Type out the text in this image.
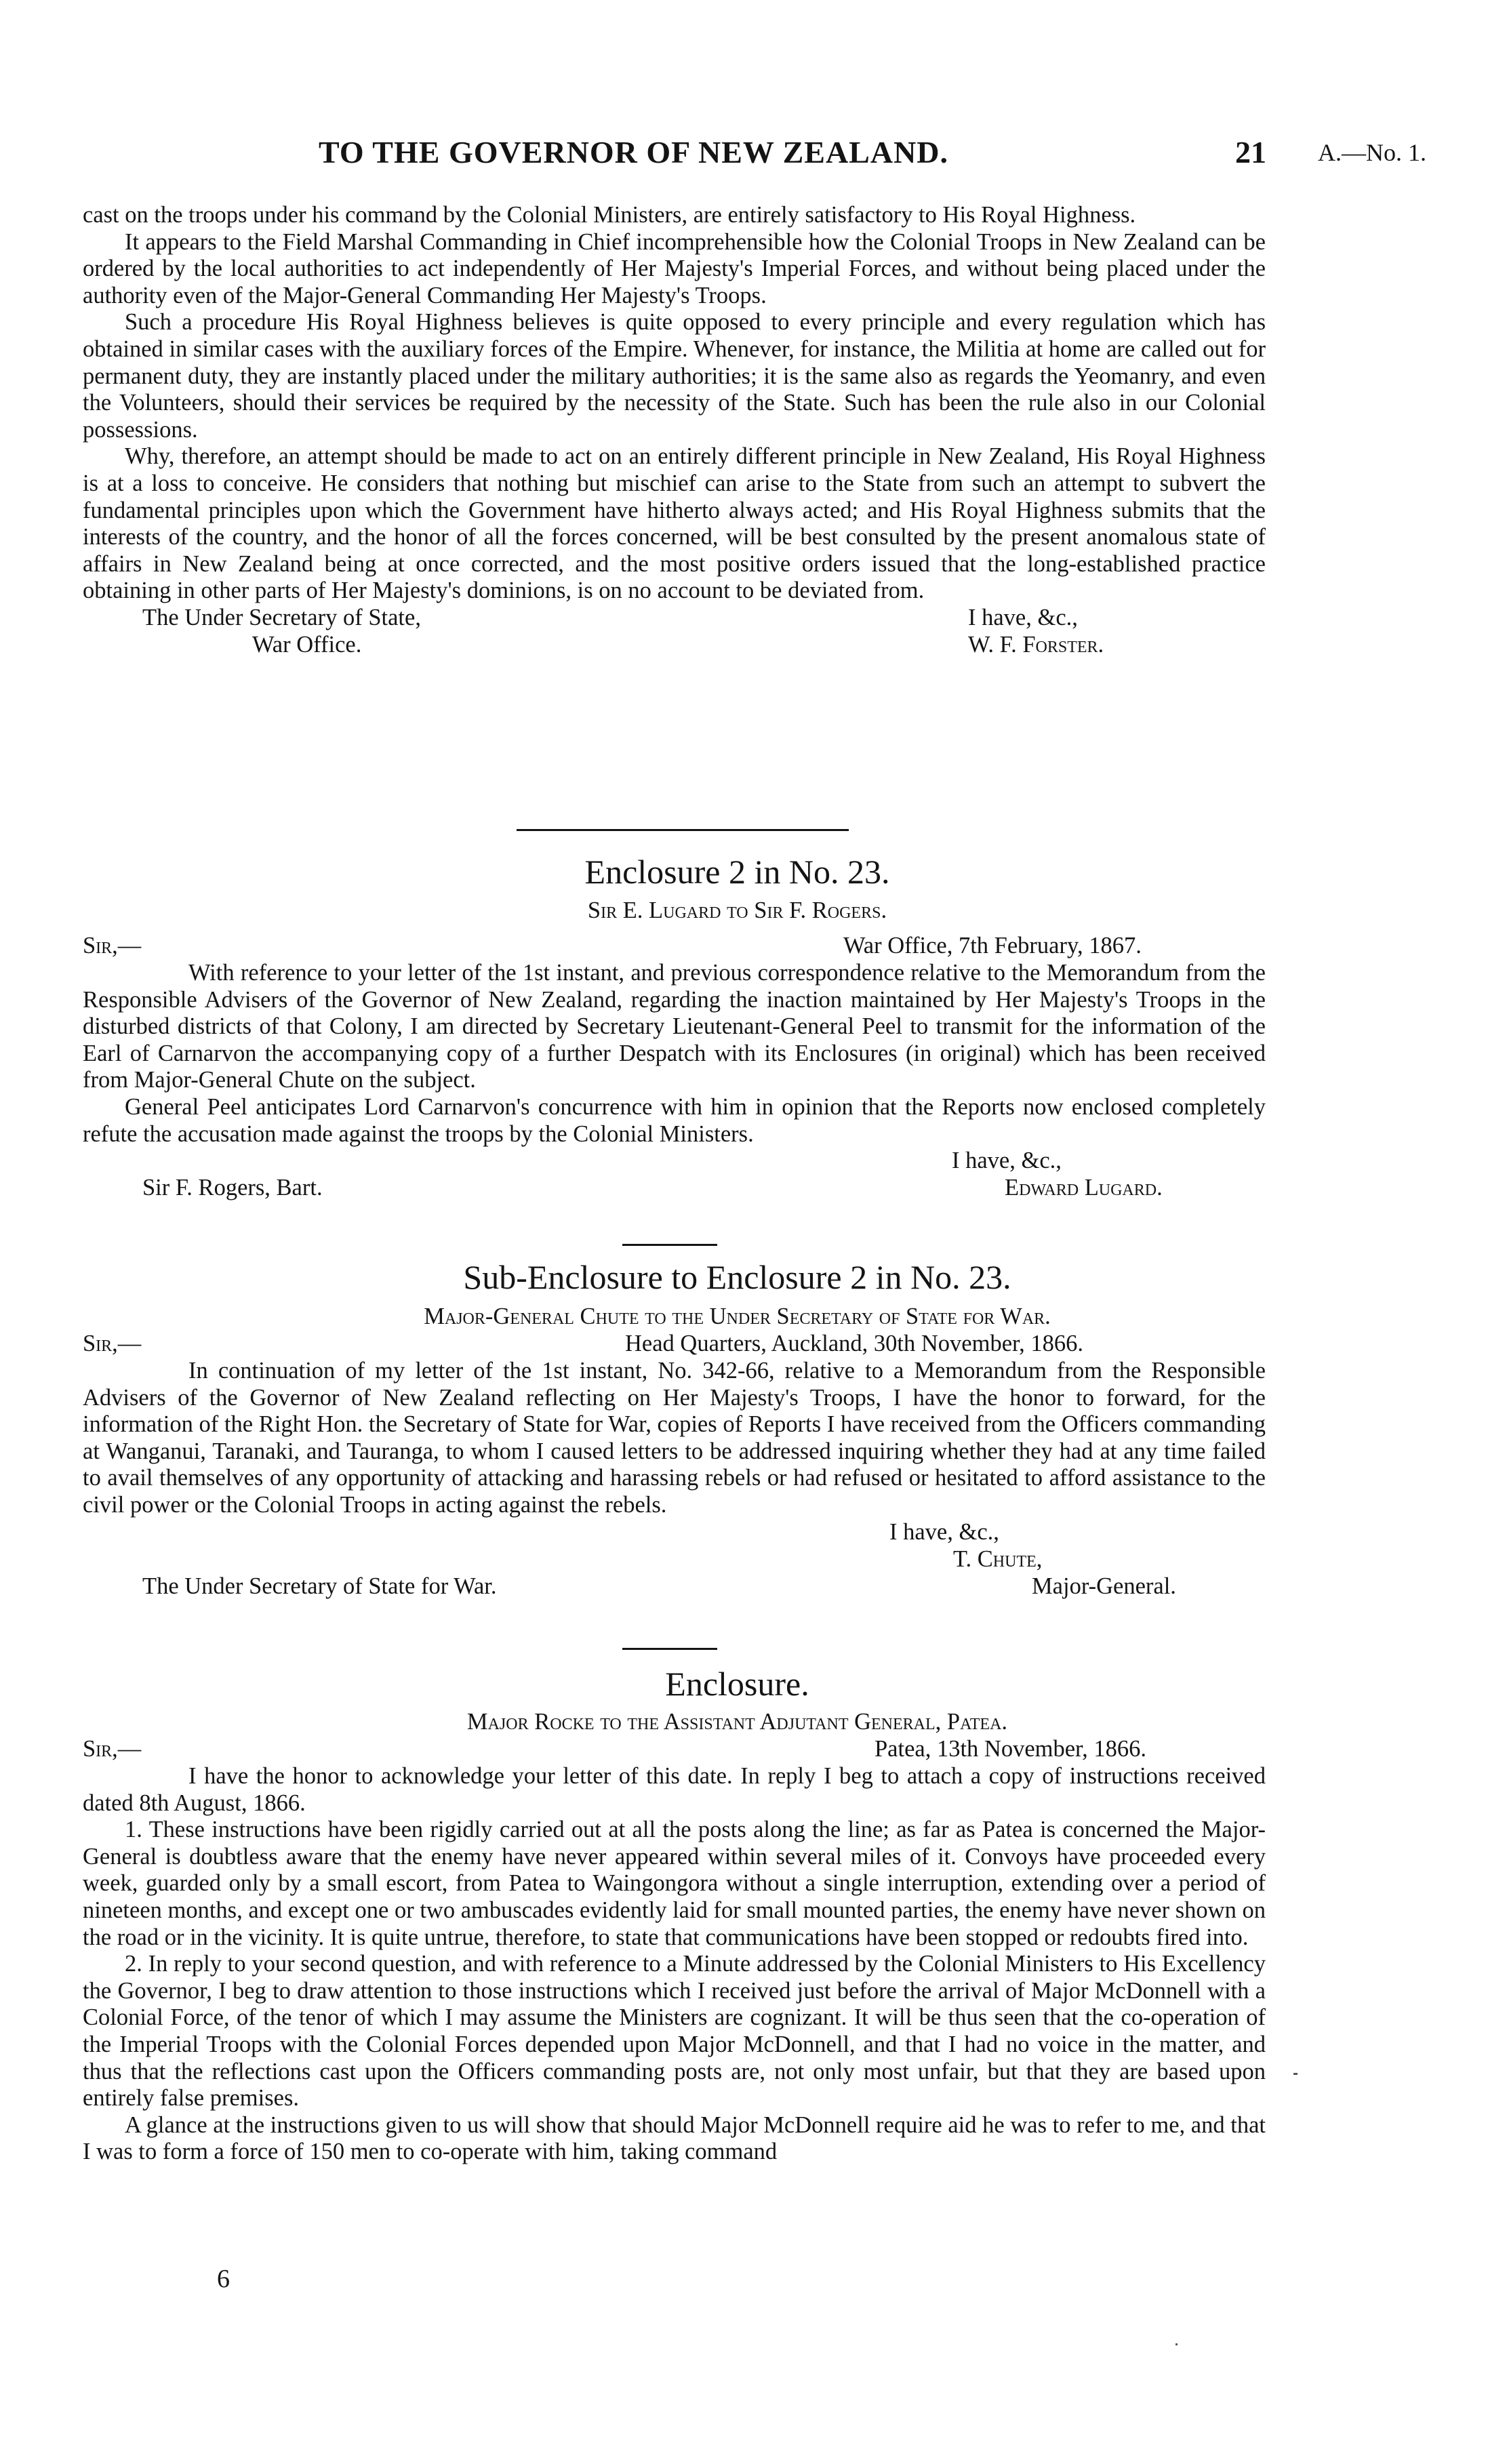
TO THE GOVERNOR OF NEW ZEALAND.	21 A.—No. 1.

cast on the troops under his command by the Colonial Ministers, are entirely satisfactory to His Royal Highness.

It appears to the Field Marshal Commanding in Chief incomprehensible how the Colonial Troops in New Zealand can be ordered by the local authorities to act independently of Her Majesty's Imperial Forces, and without being placed under the authority even of the Major-General Commanding Her Majesty's Troops.

Such a procedure His Royal Highness believes is quite opposed to every principle and every regulation which has obtained in similar cases with the auxiliary forces of the Empire. Whenever, for instance, the Militia at home are called out for permanent duty, they are instantly placed under the military authorities; it is the same also as regards the Yeomanry, and even the Volunteers, should their services be required by the necessity of the State. Such has been the rule also in our Colonial possessions.

Why, therefore, an attempt should be made to act on an entirely different principle in New Zealand, His Royal Highness is at a loss to conceive. He considers that nothing but mischief can arise to the State from such an attempt to subvert the fundamental principles upon which the Government have hitherto always acted; and His Royal Highness submits that the interests of the country, and the honor of all the forces concerned, will be best consulted by the present anomalous state of affairs in New Zealand being at once corrected, and the most positive orders issued that the long-established practice obtaining in other parts of Her Majesty's dominions, is on no account to be deviated from.

The Under Secretary of State,	I have, &c.,
War Office.	W. F. Forster.
Enclosure 2 in No. 23.
Sir E. Lugard to Sir F. Rogers.
Sir,—	War Office, 7th February, 1867.

With reference to your letter of the 1st instant, and previous correspondence relative to the Memorandum from the Responsible Advisers of the Governor of New Zealand, regarding the inaction maintained by Her Majesty's Troops in the disturbed districts of that Colony, I am directed by Secretary Lieutenant-General Peel to transmit for the information of the Earl of Carnarvon the accompanying copy of a further Despatch with its Enclosures (in original) which has been received from Major-General Chute on the subject.

General Peel anticipates Lord Carnarvon's concurrence with him in opinion that the Reports now enclosed completely refute the accusation made against the troops by the Colonial Ministers.

I have, &c.,
Sir F. Rogers, Bart.	Edward Lugard.
Sub-Enclosure to Enclosure 2 in No. 23.
Major-General Chute to the Under Secretary of State for War.
Sir,—	Head Quarters, Auckland, 30th November, 1866.

In continuation of my letter of the 1st instant, No. 342-66, relative to a Memorandum from the Responsible Advisers of the Governor of New Zealand reflecting on Her Majesty's Troops, I have the honor to forward, for the information of the Right Hon. the Secretary of State for War, copies of Reports I have received from the Officers commanding at Wanganui, Taranaki, and Tauranga, to whom I caused letters to be addressed inquiring whether they had at any time failed to avail themselves of any opportunity of attacking and harassing rebels or had refused or hesitated to afford assistance to the civil power or the Colonial Troops in acting against the rebels.

I have, &c.,
T. Chute,
The Under Secretary of State for War.	Major-General.
Enclosure.
Major Rocke to the Assistant Adjutant General, Patea.
Sir,—	Patea, 13th November, 1866.

I have the honor to acknowledge your letter of this date. In reply I beg to attach a copy of instructions received dated 8th August, 1866.

1. These instructions have been rigidly carried out at all the posts along the line; as far as Patea is concerned the Major-General is doubtless aware that the enemy have never appeared within several miles of it. Convoys have proceeded every week, guarded only by a small escort, from Patea to Waingongora without a single interruption, extending over a period of nineteen months, and except one or two ambuscades evidently laid for small mounted parties, the enemy have never shown on the road or in the vicinity. It is quite untrue, therefore, to state that communications have been stopped or redoubts fired into.

2. In reply to your second question, and with reference to a Minute addressed by the Colonial Ministers to His Excellency the Governor, I beg to draw attention to those instructions which I received just before the arrival of Major McDonnell with a Colonial Force, of the tenor of which I may assume the Ministers are cognizant. It will be thus seen that the co-operation of the Imperial Troops with the Colonial Forces depended upon Major McDonnell, and that I had no voice in the matter, and thus that the reflections cast upon the Officers commanding posts are, not only most unfair, but that they are based upon entirely false premises.

A glance at the instructions given to us will show that should Major McDonnell require aid he was to refer to me, and that I was to form a force of 150 men to co-operate with him, taking command

6
